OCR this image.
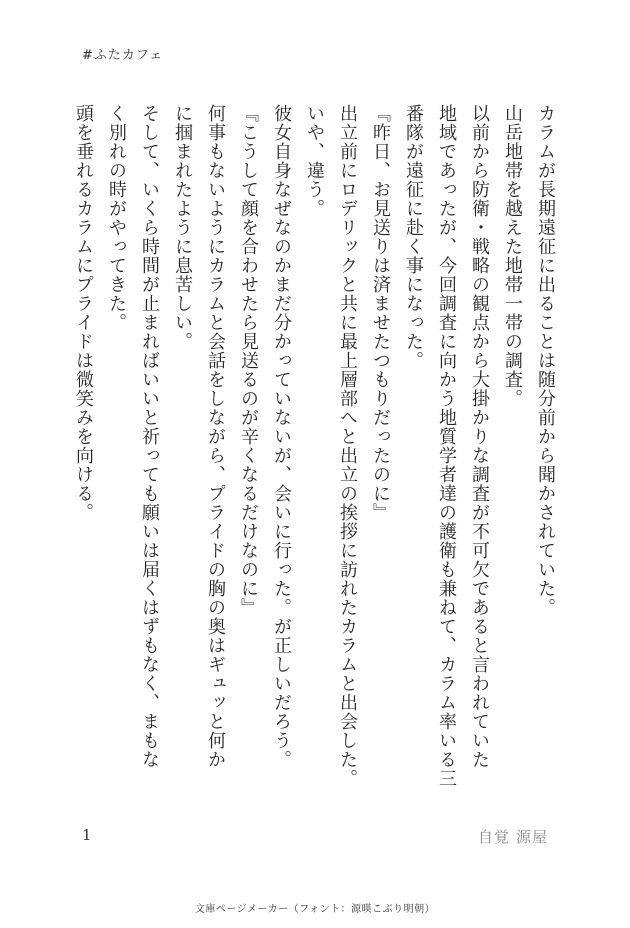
#ふたカフェ
カラムが長期遠征に出ることは随分前から聞かされていた。
山岳地帯を越えた地帯一帯の調査。
以前から防衛・戦略の観点から大掛かりな調査が不可欠であると言われていた
地域であったが、今回調査に向かう地質学者達の護衛も兼ねて、カラム率いる三
番隊が遠征に赴く事になった。
『昨日、お見送りは済ませたつもりだったのに』
出立前にロデリックと共に最上層部へと出立の挨拶に訪れたカラムと出会した。
いや、違う。
彼女自身なぜなのかまだ分かっていないが、会いに行った。が正しいだろう。
『こうして顔を合わせたら見送るのが辛くなるだけなのに』
何事もないようにカラムと会話をしながら、プライドの胸の奥はギュッと何か
に掴まれたように息苦しい。
そして、いくら時間が止まればいいと祈っても願いは届くはずもなく、まもな
く別れの時がやってきた。
頭を垂れるカラムにプライドは微笑みを向ける。
1	自覚 源屋
文庫ページメーカー（フォント：源暎こぶり明朝）
